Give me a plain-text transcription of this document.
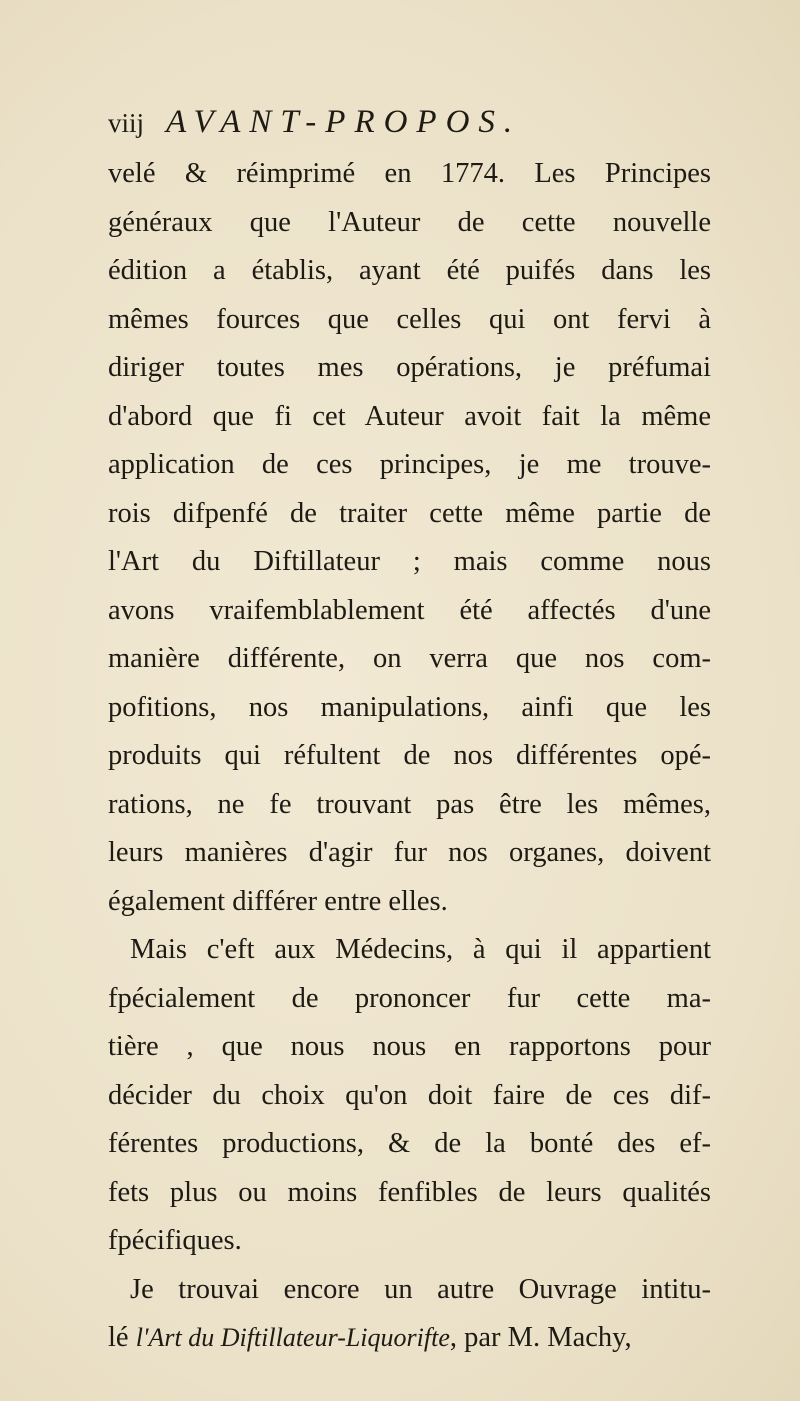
viij AVANT-PROPOS.
velé & réimprimé en 1774. Les Principes
généraux que l'Auteur de cette nouvelle
édition a établis, ayant été puifés dans les
mêmes fources que celles qui ont fervi à
diriger toutes mes opérations, je préfumai
d'abord que fi cet Auteur avoit fait la même
application de ces principes, je me trouve-
rois difpenfé de traiter cette même partie de
l'Art du Diftillateur ; mais comme nous
avons vraifemblablement été affectés d'une
manière différente, on verra que nos com-
pofitions, nos manipulations, ainfi que les
produits qui réfultent de nos différentes opé-
rations, ne fe trouvant pas être les mêmes,
leurs manières d'agir fur nos organes, doivent
également différer entre elles.
Mais c'eft aux Médecins, à qui il appartient
fpécialement de prononcer fur cette ma-
tière , que nous nous en rapportons pour
décider du choix qu'on doit faire de ces dif-
férentes productions, & de la bonté des ef-
fets plus ou moins fenfibles de leurs qualités
fpécifiques.
Je trouvai encore un autre Ouvrage intitu-
lé l'Art du Diftillateur-Liquorifte, par M. Machy,
